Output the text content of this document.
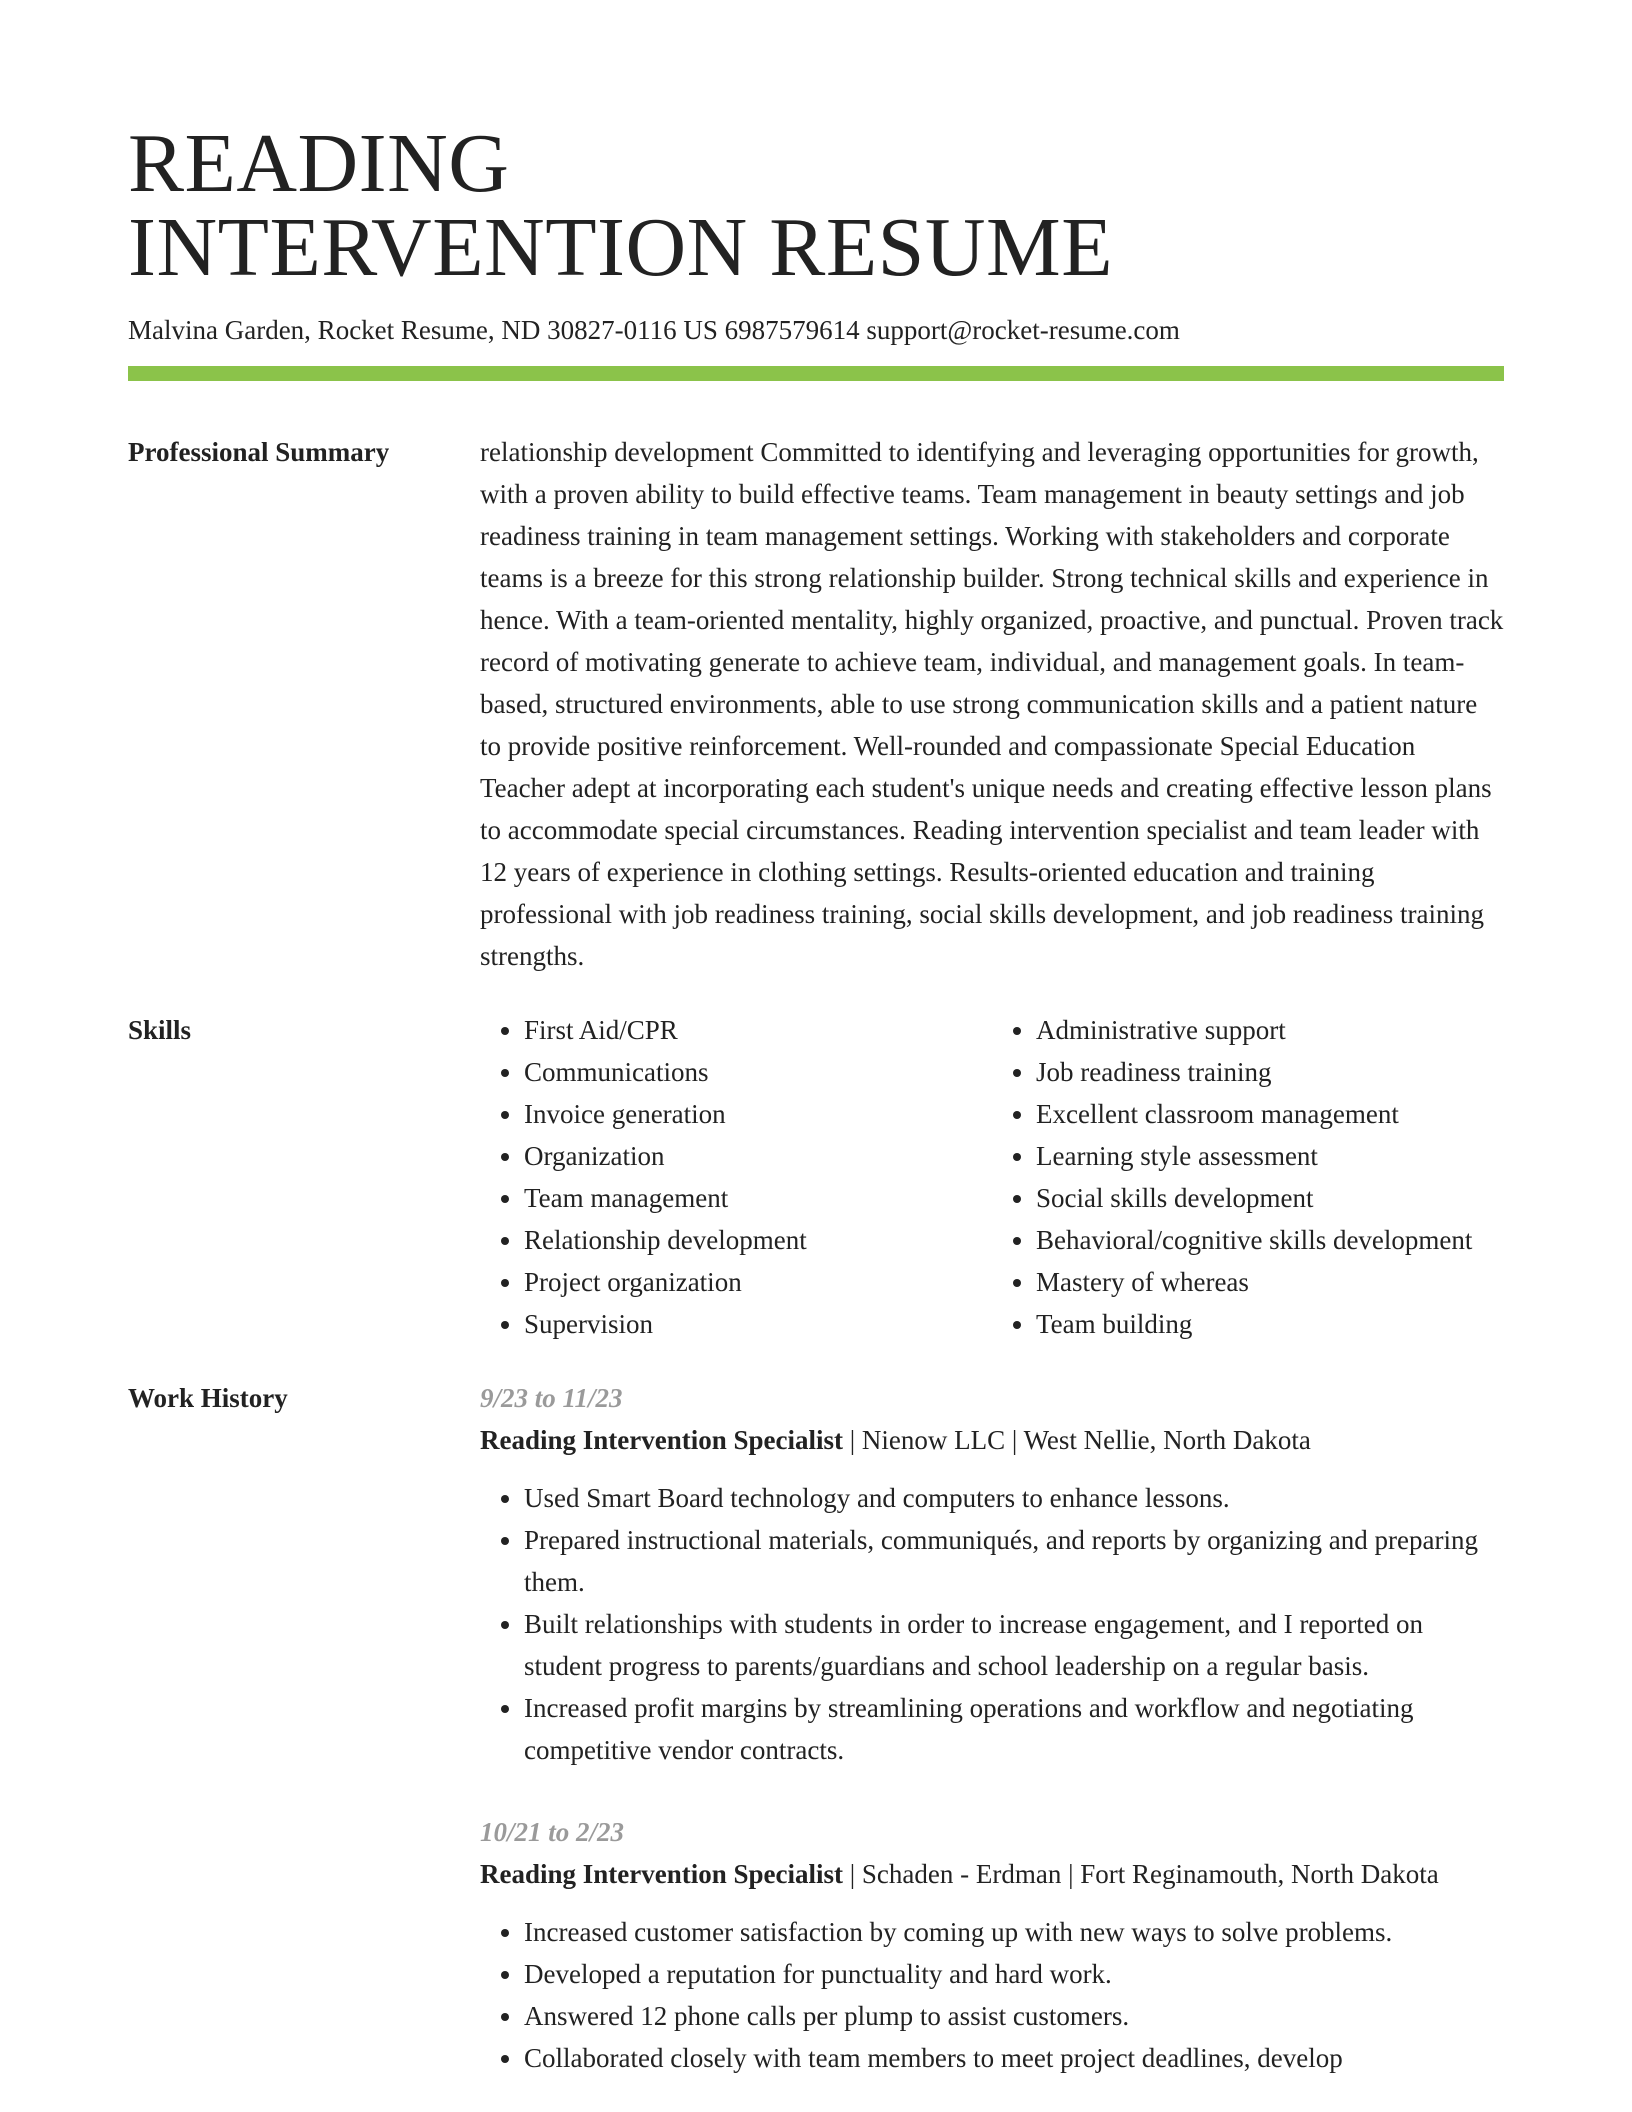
READING
INTERVENTION RESUME
Malvina Garden, Rocket Resume, ND 30827-0116 US 6987579614 support@rocket-resume.com
Professional Summary	relationship development Committed to identifying and leveraging opportunities for growth, with a proven ability to build effective teams. Team management in beauty settings and job readiness training in team management settings. Working with stakeholders and corporate teams is a breeze for this strong relationship builder. Strong technical skills and experience in hence. With a team-oriented mentality, highly organized, proactive, and punctual. Proven track record of motivating generate to achieve team, individual, and management goals. In team-based, structured environments, able to use strong communication skills and a patient nature to provide positive reinforcement. Well-rounded and compassionate Special Education Teacher adept at incorporating each student's unique needs and creating effective lesson plans to accommodate special circumstances. Reading intervention specialist and team leader with 12 years of experience in clothing settings. Results-oriented education and training professional with job readiness training, social skills development, and job readiness training strengths.

Skills
•	First Aid/CPR
• Communications
• Invoice generation
• Organization
• Team management
• Relationship development
• Project organization
• Supervision
• Administrative support
• Job readiness training
• Excellent classroom management
• Learning style assessment
• Social skills development
• Behavioral/cognitive skills development
• Mastery of whereas
• Team building
Work History	9/23 to 11/23
Reading Intervention Specialist | Nienow LLC | West Nellie, North Dakota
• Used Smart Board technology and computers to enhance lessons.
• Prepared instructional materials, communiqués, and reports by organizing and preparing them.
• Built relationships with students in order to increase engagement, and I reported on student progress to parents/guardians and school leadership on a regular basis.
• Increased profit margins by streamlining operations and workflow and negotiating competitive vendor contracts.
10/21 to 2/23
Reading Intervention Specialist | Schaden - Erdman | Fort Reginamouth, North Dakota
• Increased customer satisfaction by coming up with new ways to solve problems.
• Developed a reputation for punctuality and hard work.
• Answered 12 phone calls per plump to assist customers.
• Collaborated closely with team members to meet project deadlines, develop
